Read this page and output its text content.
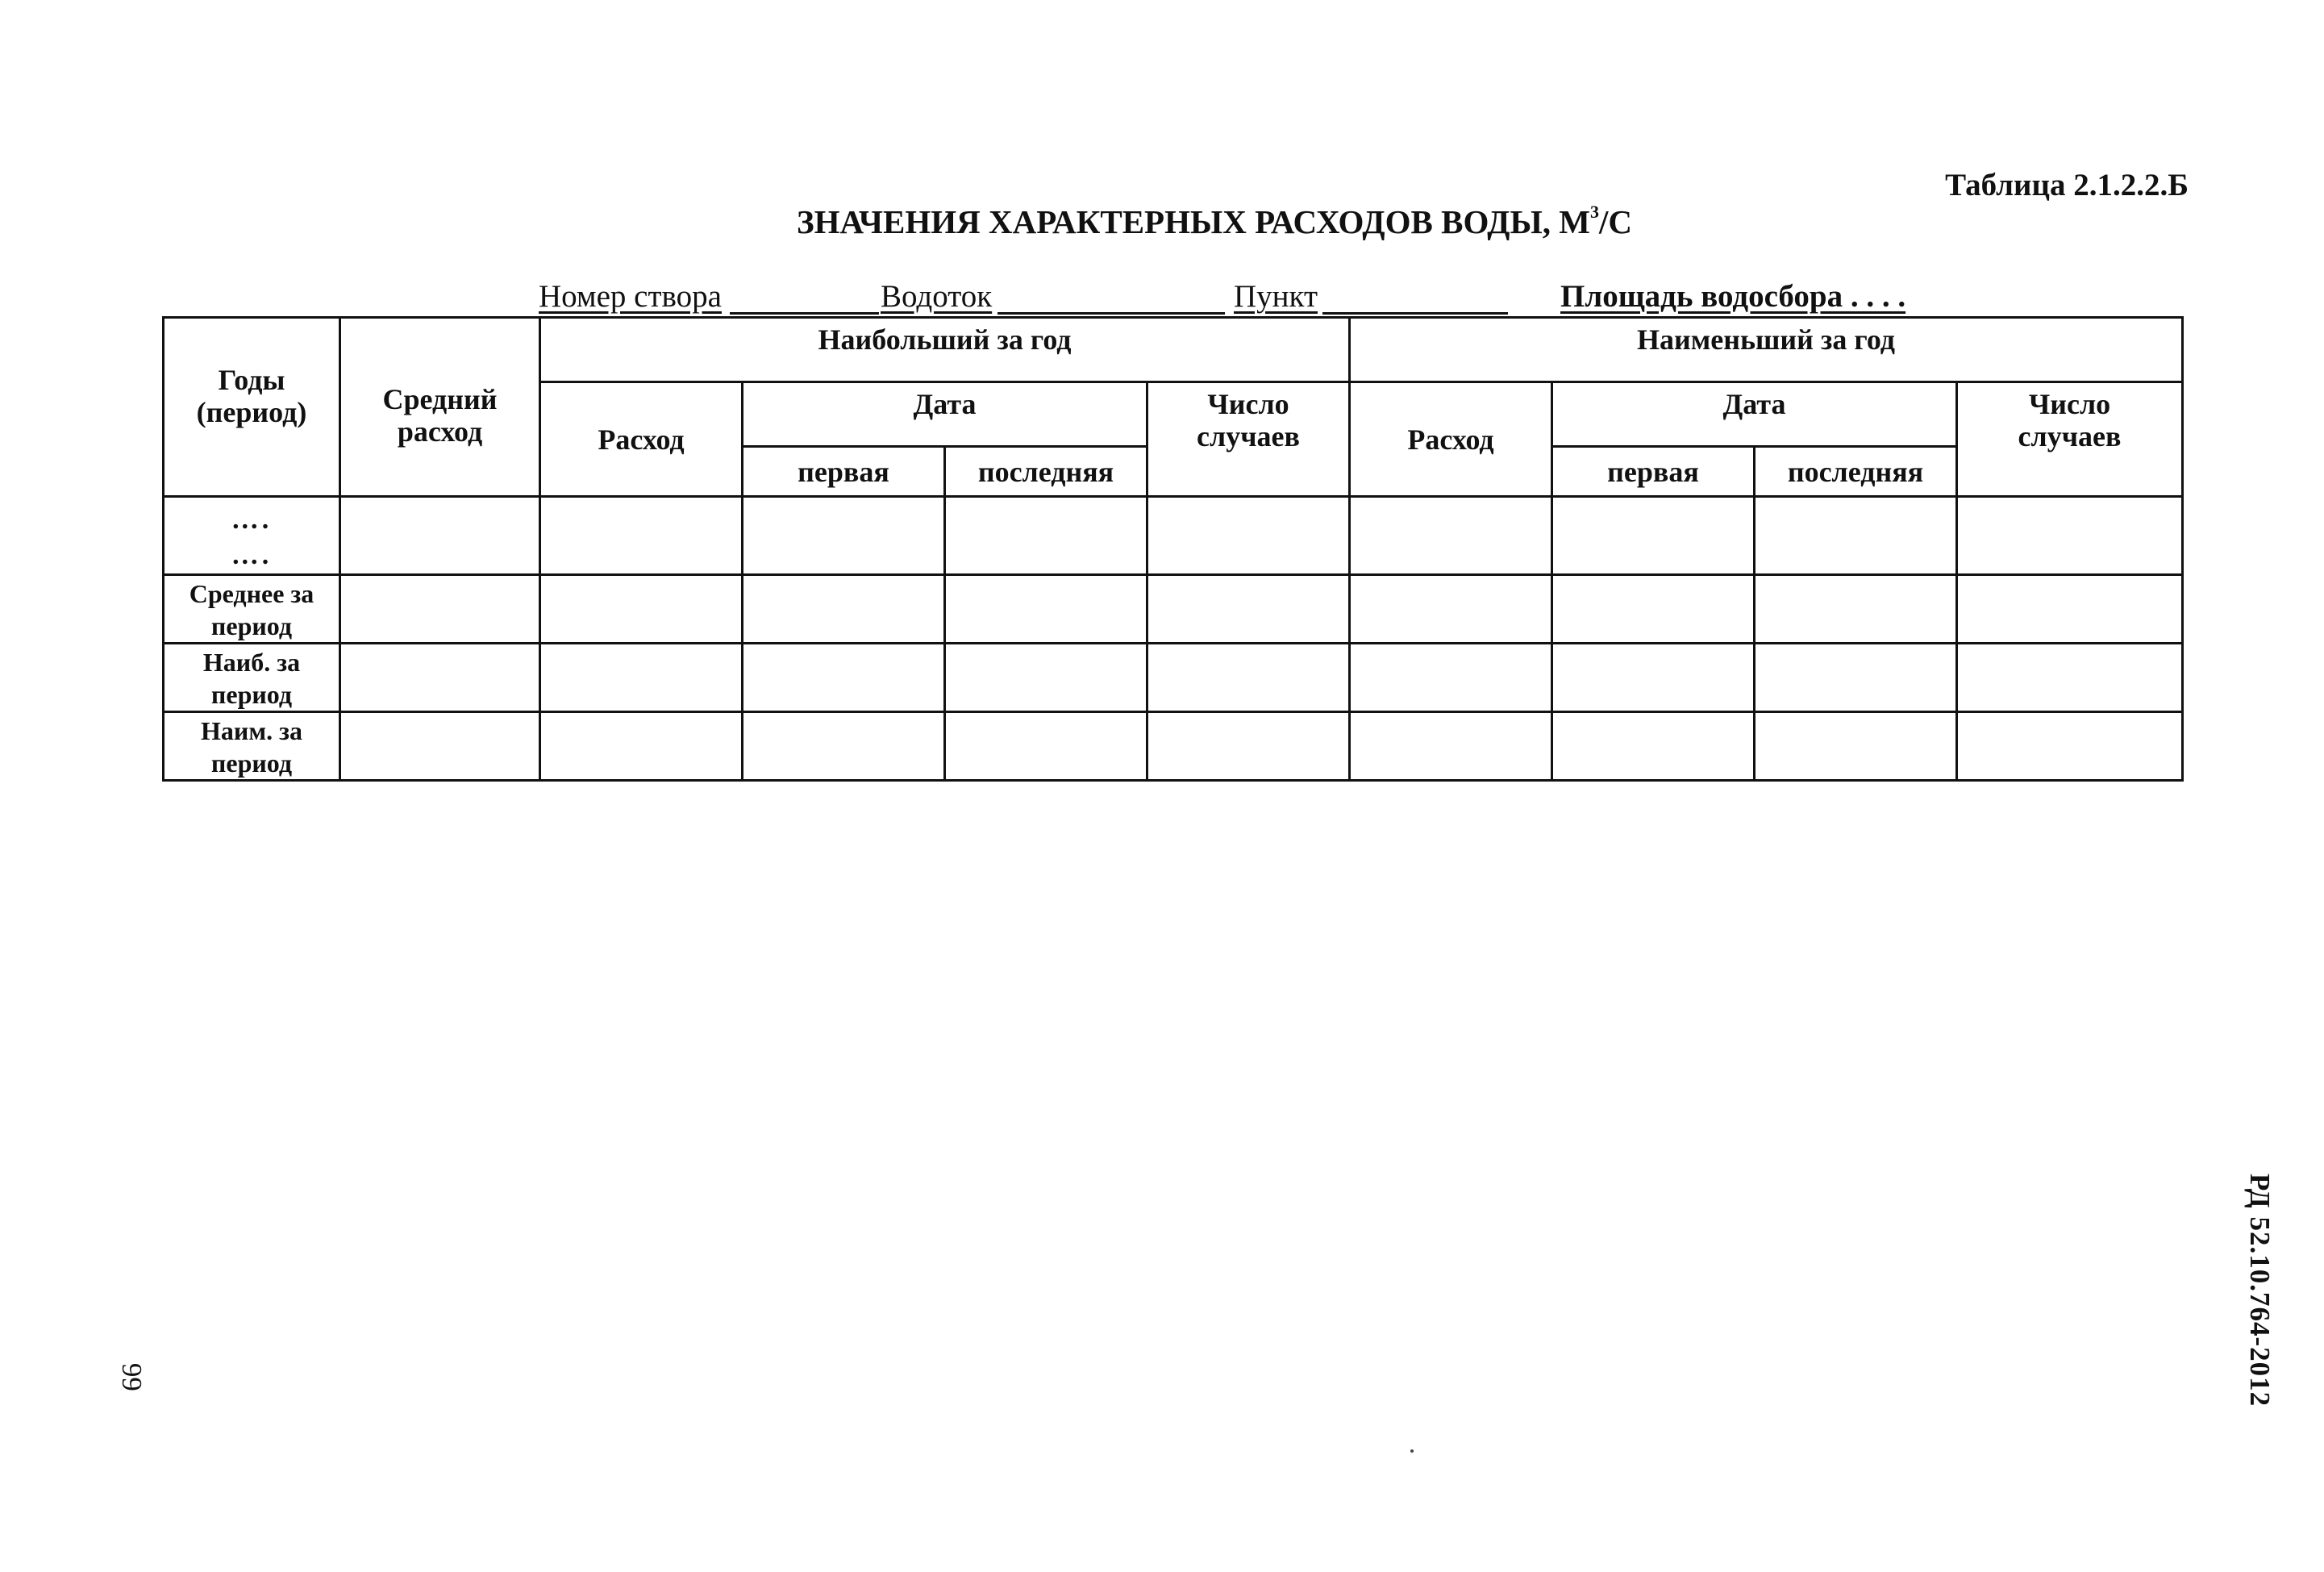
Таблица 2.1.2.2.Б
ЗНАЧЕНИЯ ХАРАКТЕРНЫХ РАСХОДОВ ВОДЫ, $М^3/С$
Номер створа	Водоток	Пункт	Площадь водосбора . . . .
Годы (период)	Средний расход	Наибольший за год				Наименьший за год			
		Расход	Дата		Число случаев	Расход	Дата		Число случаев
			первая	последняя			первая	последняя	

….
….									

Среднее за
период									

Наиб. за
период									

Наим. за
период									

РД 52.10.764-2012
66
